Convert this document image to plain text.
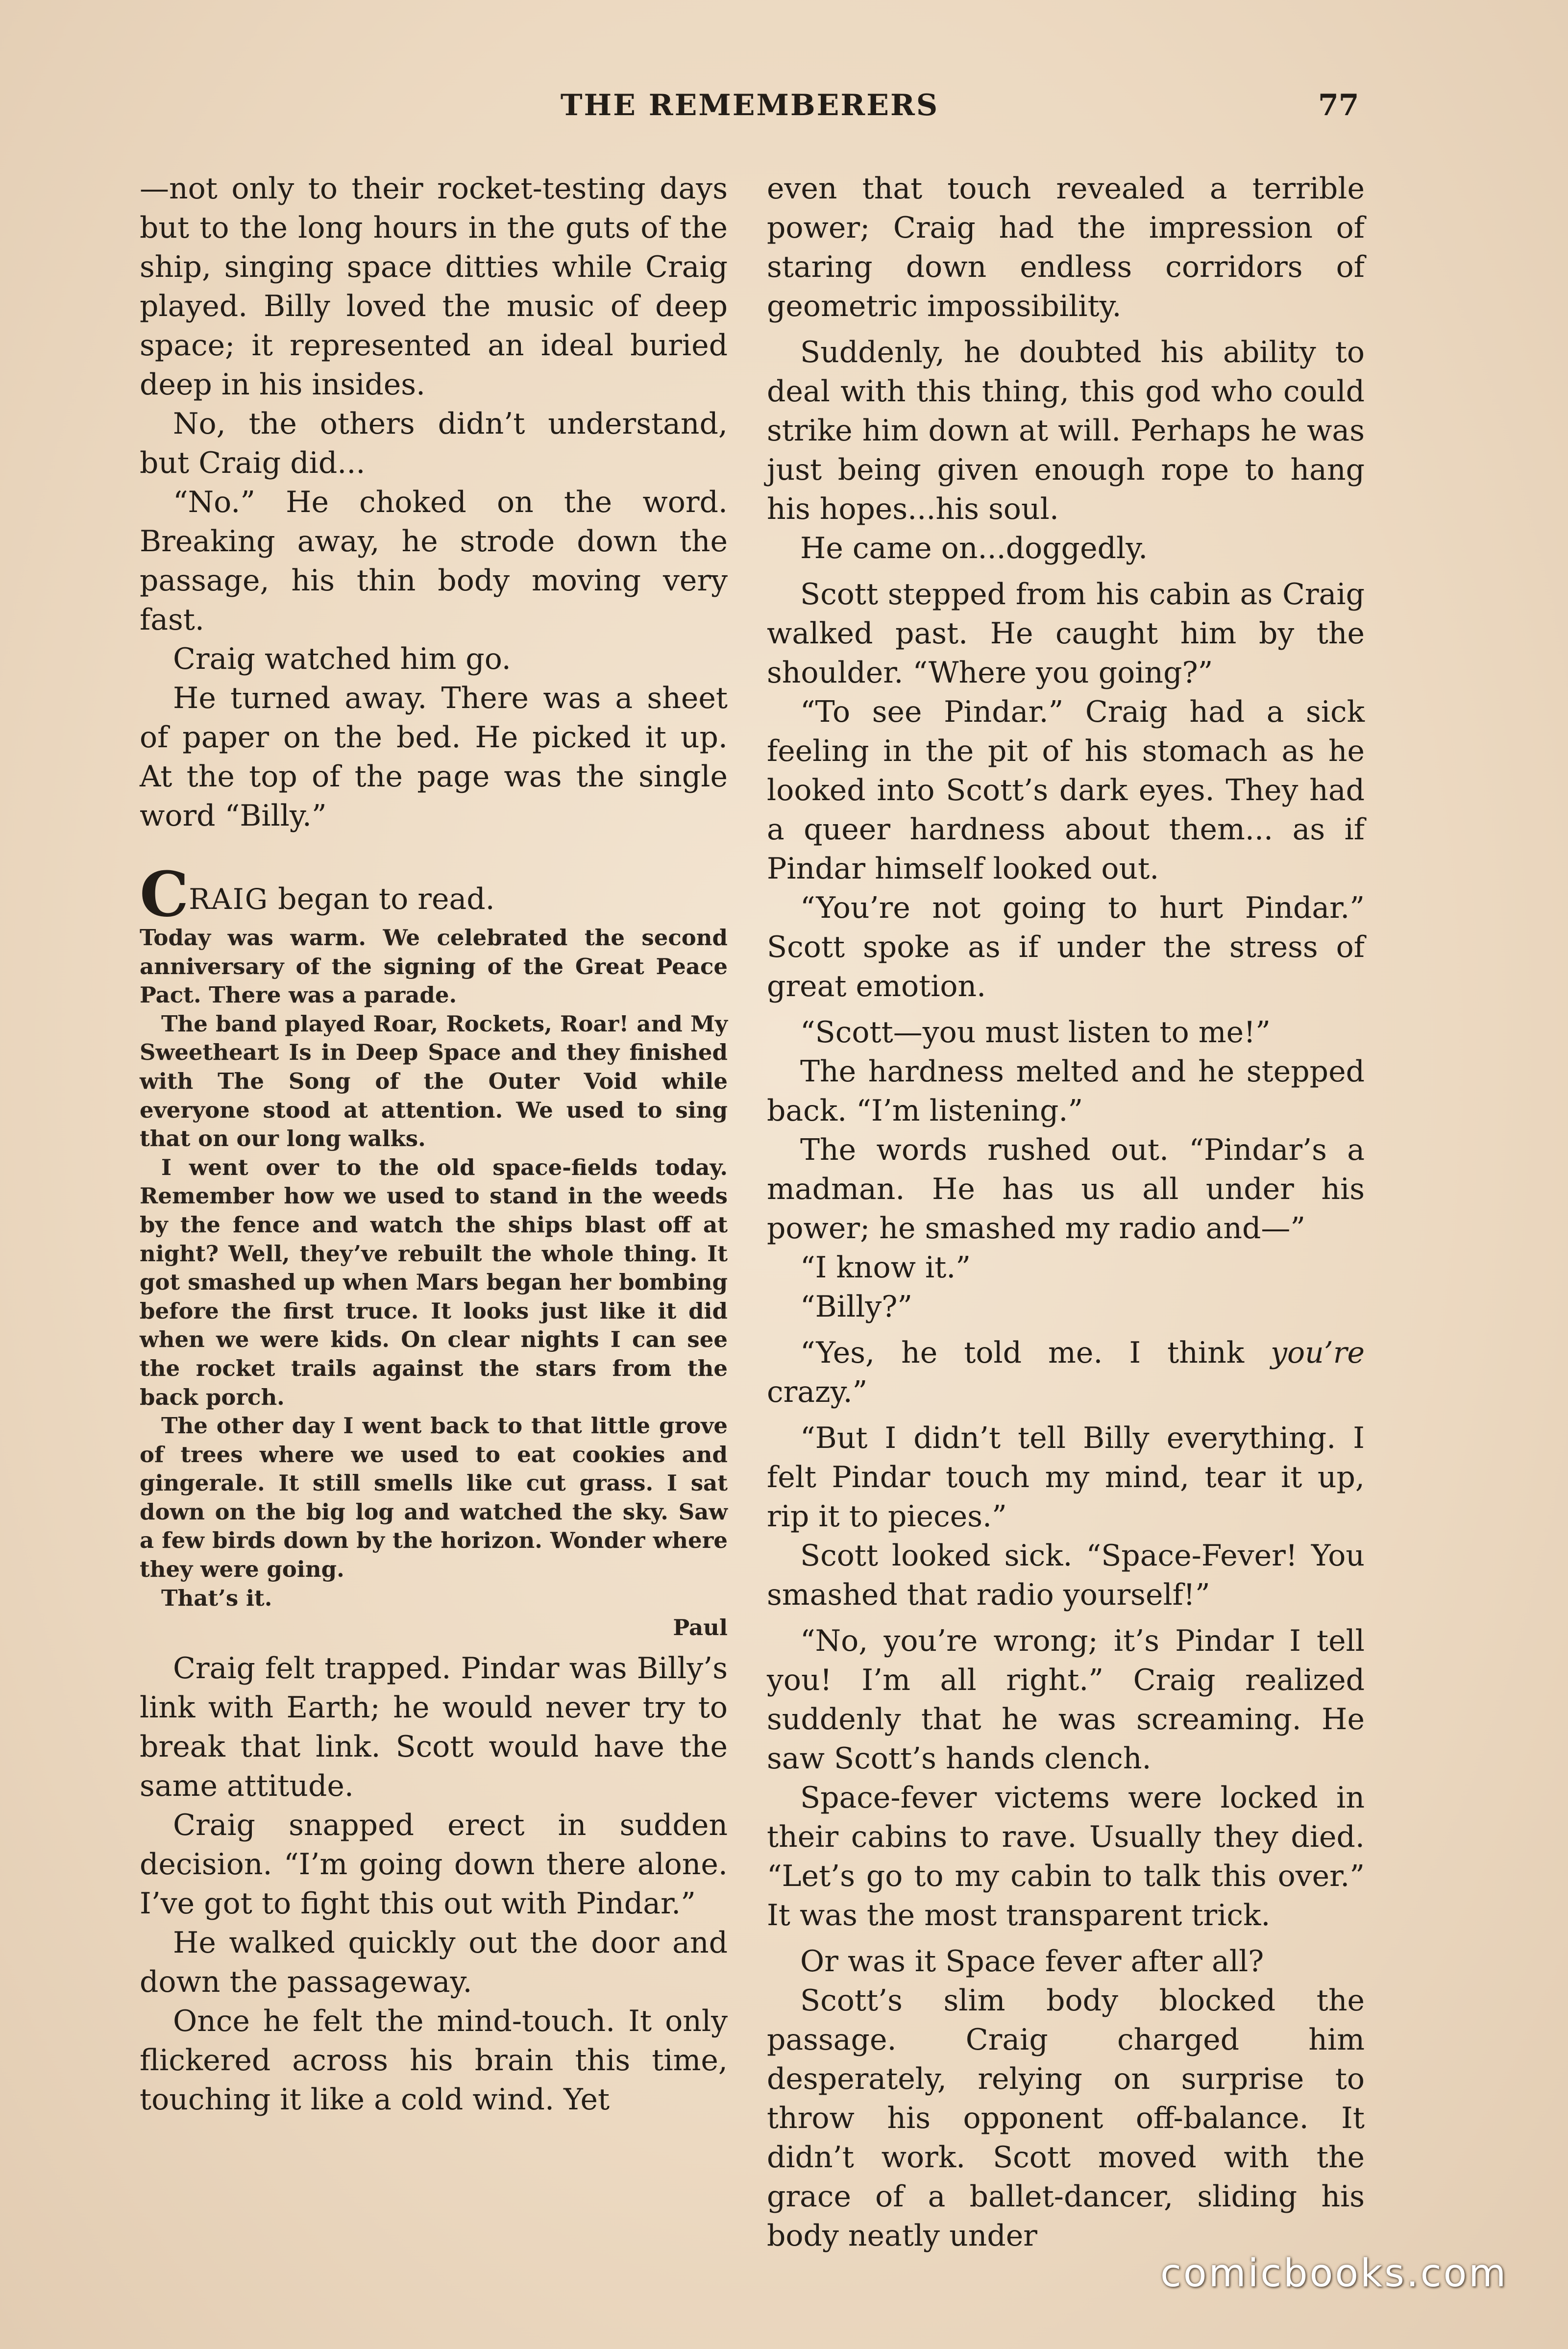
THE REMEMBERERS	77

—not only to their rocket-testing days but to the long hours in the guts of the ship, singing space ditties while Craig played. Billy loved the music of deep space; it represented an ideal buried deep in his insides.

No, the others didn’t understand, but Craig did...

“No.” He choked on the word. Breaking away, he strode down the passage, his thin body moving very fast.

Craig watched him go.

He turned away. There was a sheet of paper on the bed. He picked it up. At the top of the page was the single word “Billy.”

CRAIG began to read.

Today was warm. We celebrated the second anniversary of the signing of the Great Peace Pact. There was a parade.

The band played Roar, Rockets, Roar! and My Sweetheart Is in Deep Space and they finished with The Song of the Outer Void while everyone stood at attention. We used to sing that on our long walks.

I went over to the old space-fields today. Remember how we used to stand in the weeds by the fence and watch the ships blast off at night? Well, they’ve rebuilt the whole thing. It got smashed up when Mars began her bombing before the first truce. It looks just like it did when we were kids. On clear nights I can see the rocket trails against the stars from the back porch.

The other day I went back to that little grove of trees where we used to eat cookies and gingerale. It still smells like cut grass. I sat down on the big log and watched the sky. Saw a few birds down by the horizon. Wonder where they were going.

That’s it.

Paul

Craig felt trapped. Pindar was Billy’s link with Earth; he would never try to break that link. Scott would have the same attitude.

Craig snapped erect in sudden decision. “I’m going down there alone. I’ve got to fight this out with Pindar.”

He walked quickly out the door and down the passageway.

Once he felt the mind-touch. It only flickered across his brain this time, touching it like a cold wind. Yet

even that touch revealed a terrible power; Craig had the impression of staring down endless corridors of geometric impossibility.

Suddenly, he doubted his ability to deal with this thing, this god who could strike him down at will. Perhaps he was just being given enough rope to hang his hopes...his soul.

He came on...doggedly.

Scott stepped from his cabin as Craig walked past. He caught him by the shoulder. “Where you going?”

“To see Pindar.” Craig had a sick feeling in the pit of his stomach as he looked into Scott’s dark eyes. They had a queer hardness about them... as if Pindar himself looked out.

“You’re not going to hurt Pindar.” Scott spoke as if under the stress of great emotion.

“Scott—you must listen to me!”

The hardness melted and he stepped back. “I’m listening.”

The words rushed out. “Pindar’s a madman. He has us all under his power; he smashed my radio and—”

“I know it.”

“Billy?”

“Yes, he told me. I think you’re crazy.”

“But I didn’t tell Billy everything. I felt Pindar touch my mind, tear it up, rip it to pieces.”

Scott looked sick. “Space-Fever! You smashed that radio yourself!”

“No, you’re wrong; it’s Pindar I tell you! I’m all right.” Craig realized suddenly that he was screaming. He saw Scott’s hands clench.

Space-fever victems were locked in their cabins to rave. Usually they died. “Let’s go to my cabin to talk this over.” It was the most transparent trick.

Or was it Space fever after all?

Scott’s slim body blocked the passage. Craig charged him desperately, relying on surprise to throw his opponent off-balance. It didn’t work. Scott moved with the grace of a ballet-dancer, sliding his body neatly under

comicbooks.com
